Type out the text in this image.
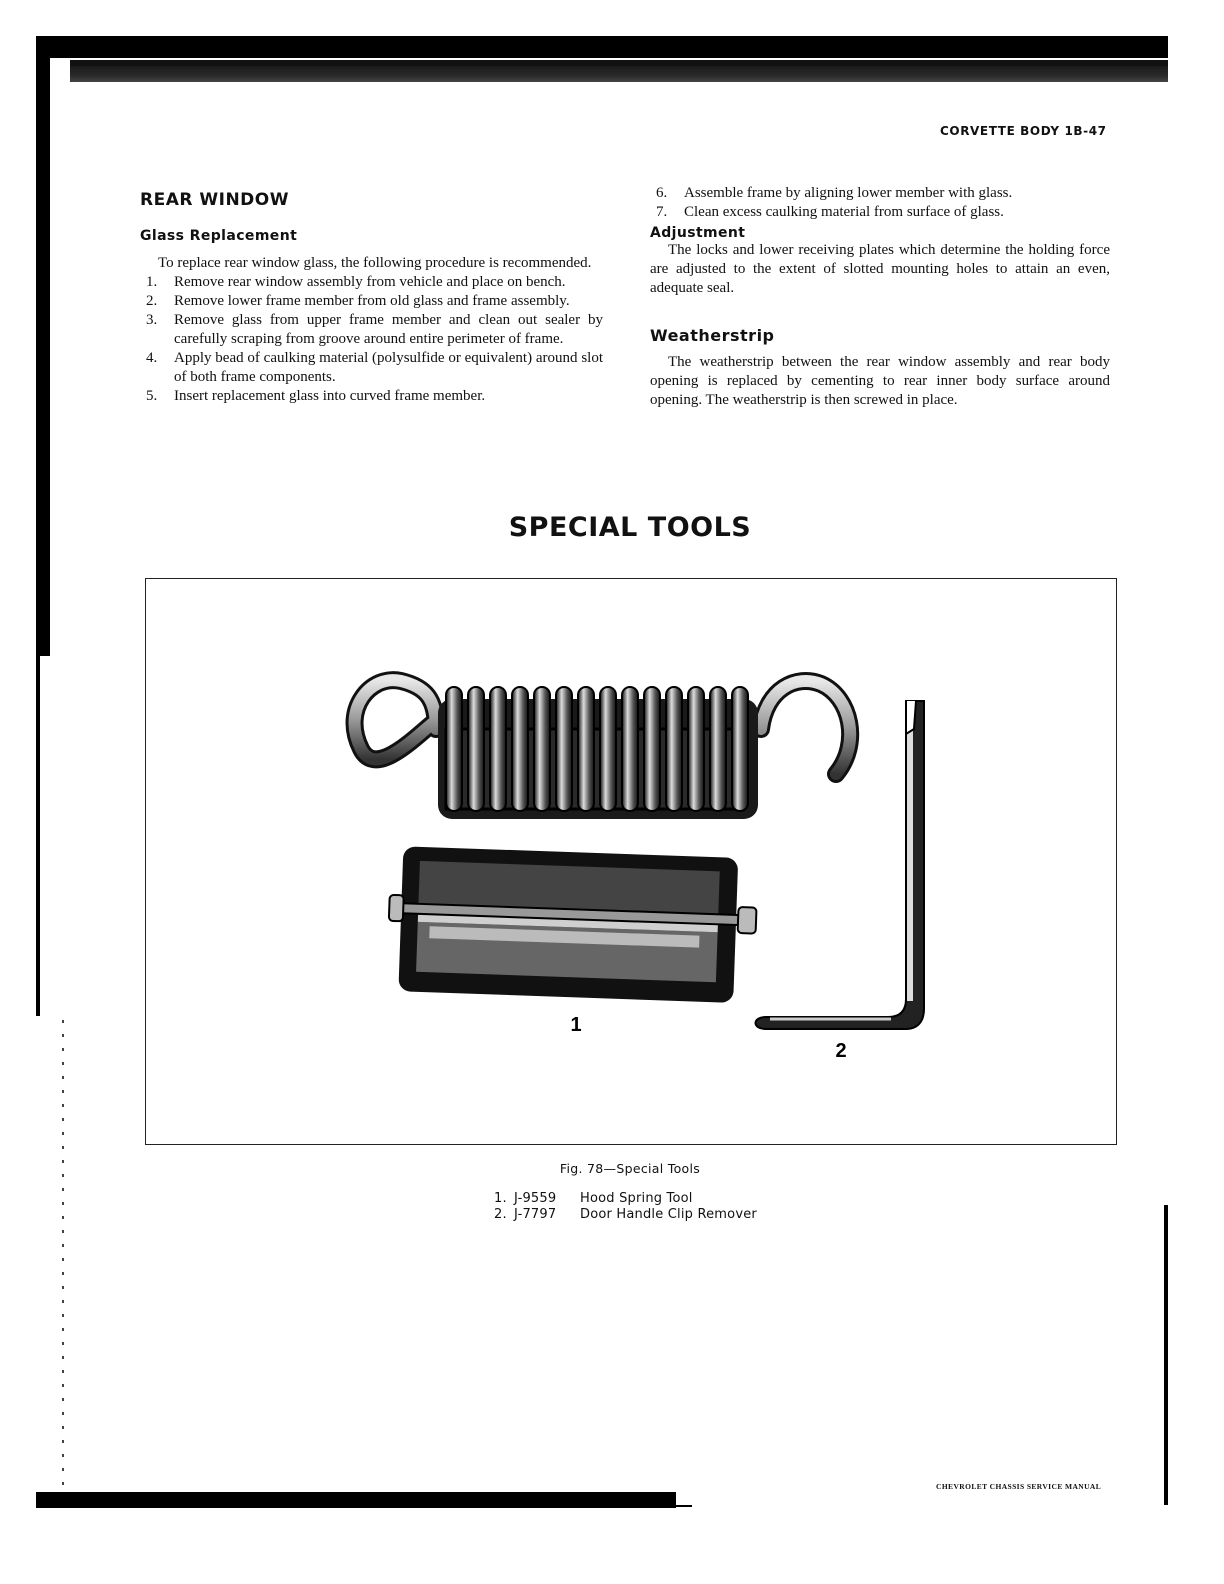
CORVETTE BODY 1B-47
REAR WINDOW
Glass Replacement

To replace rear window glass, the following procedure is recommended.

1. Remove rear window assembly from vehicle and place on bench.
2. Remove lower frame member from old glass and frame assembly.
3. Remove glass from upper frame member and clean out sealer by carefully scraping from groove around entire perimeter of frame.
4. Apply bead of caulking material (polysulfide or equivalent) around slot of both frame components.
5. Insert replacement glass into curved frame member.
6. Assemble frame by aligning lower member with glass.
7. Clean excess caulking material from surface of glass.
Adjustment

The locks and lower receiving plates which determine the holding force are adjusted to the extent of slotted mounting holes to attain an even, adequate seal.

Weatherstrip

The weatherstrip between the rear window assembly and rear body opening is replaced by cementing to rear inner body surface around opening. The weatherstrip is then screwed in place.

SPECIAL TOOLS
1
2
Fig. 78—Special Tools
1. J-9559 Hood Spring Tool
2. J-7797 Door Handle Clip Remover
CHEVROLET CHASSIS SERVICE MANUAL
